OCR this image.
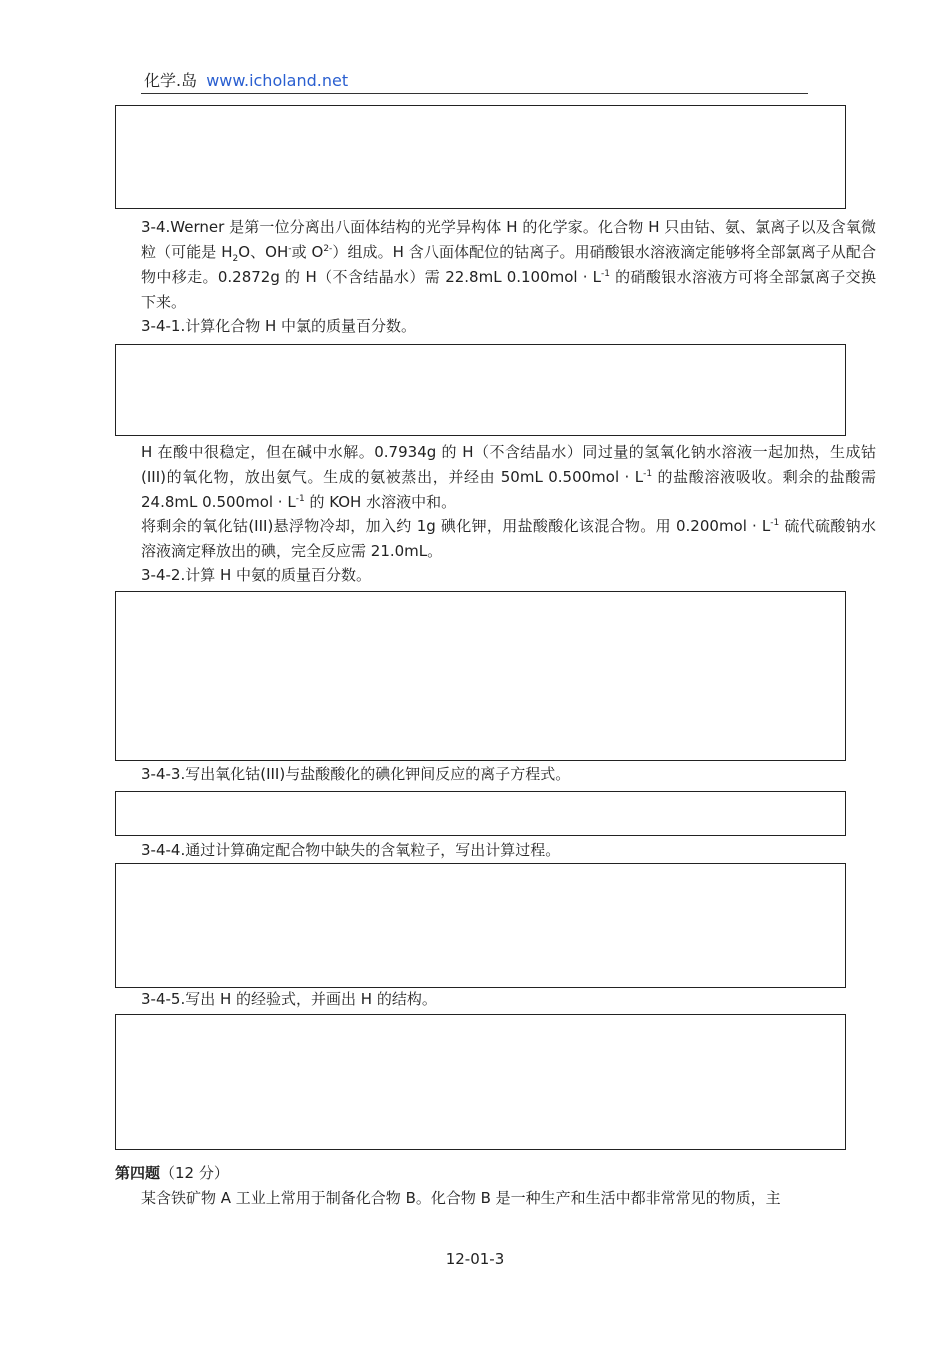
化学.岛 www.icholand.net
3-4.Werner 是第一位分离出八面体结构的光学异构体 H 的化学家。化合物 H 只由钴、氨、氯离子以及含氧微粒（可能是 $H_2O$、OH-或 $O^{2-}$）组成。H 含八面体配位的钴离子。用硝酸银水溶液滴定能够将全部氯离子从配合物中移走。0.2872g 的 H（不含结晶水）需 22.8mL $0.100mol \cdot L^{-1}$ 的硝酸银水溶液方可将全部氯离子交换下来。
3-4-1.计算化合物 H 中氯的质量百分数。
H 在酸中很稳定，但在碱中水解。0.7934g 的 H（不含结晶水）同过量的氢氧化钠水溶液一起加热，生成钴(III)的氧化物，放出氨气。生成的氨被蒸出，并经由 50mL $0.500mol \cdot L^{-1}$ 的盐酸溶液吸收。剩余的盐酸需 24.8mL $0.500mol \cdot L^{-1}$ 的 KOH 水溶液中和。
将剩余的氧化钴(III)悬浮物冷却，加入约 1g 碘化钾，用盐酸酸化该混合物。用 $0.200mol \cdot L^{-1}$ 硫代硫酸钠水溶液滴定释放出的碘，完全反应需 21.0mL。
3-4-2.计算 H 中氨的质量百分数。
3-4-3.写出氧化钴(III)与盐酸酸化的碘化钾间反应的离子方程式。
3-4-4.通过计算确定配合物中缺失的含氧粒子，写出计算过程。
3-4-5.写出 H 的经验式，并画出 H 的结构。
第四题（12 分）
某含铁矿物 A 工业上常用于制备化合物 B。化合物 B 是一种生产和生活中都非常常见的物质，主
12-01-3
